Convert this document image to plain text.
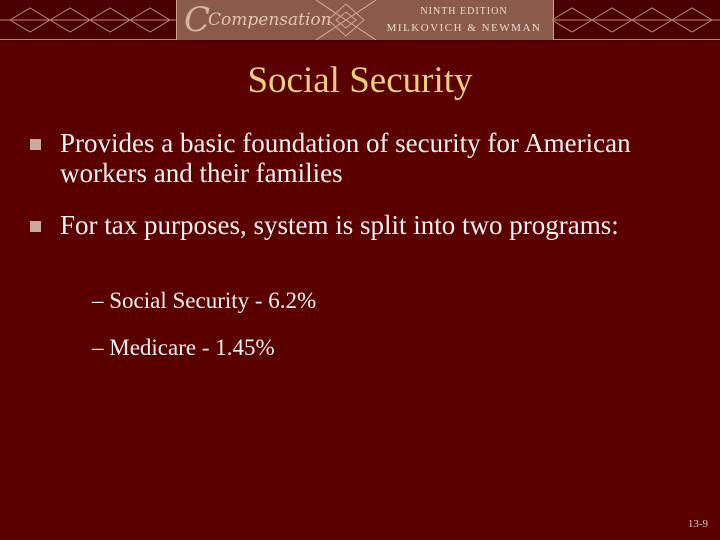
C
Compensation	NINTH EDITION
MILKOVICH & NEWMAN
Social Security
Provides a basic foundation of security for American workers and their families
For tax purposes, system is split into two programs:
– Social Security - 6.2%
– Medicare - 1.45%
13-9
